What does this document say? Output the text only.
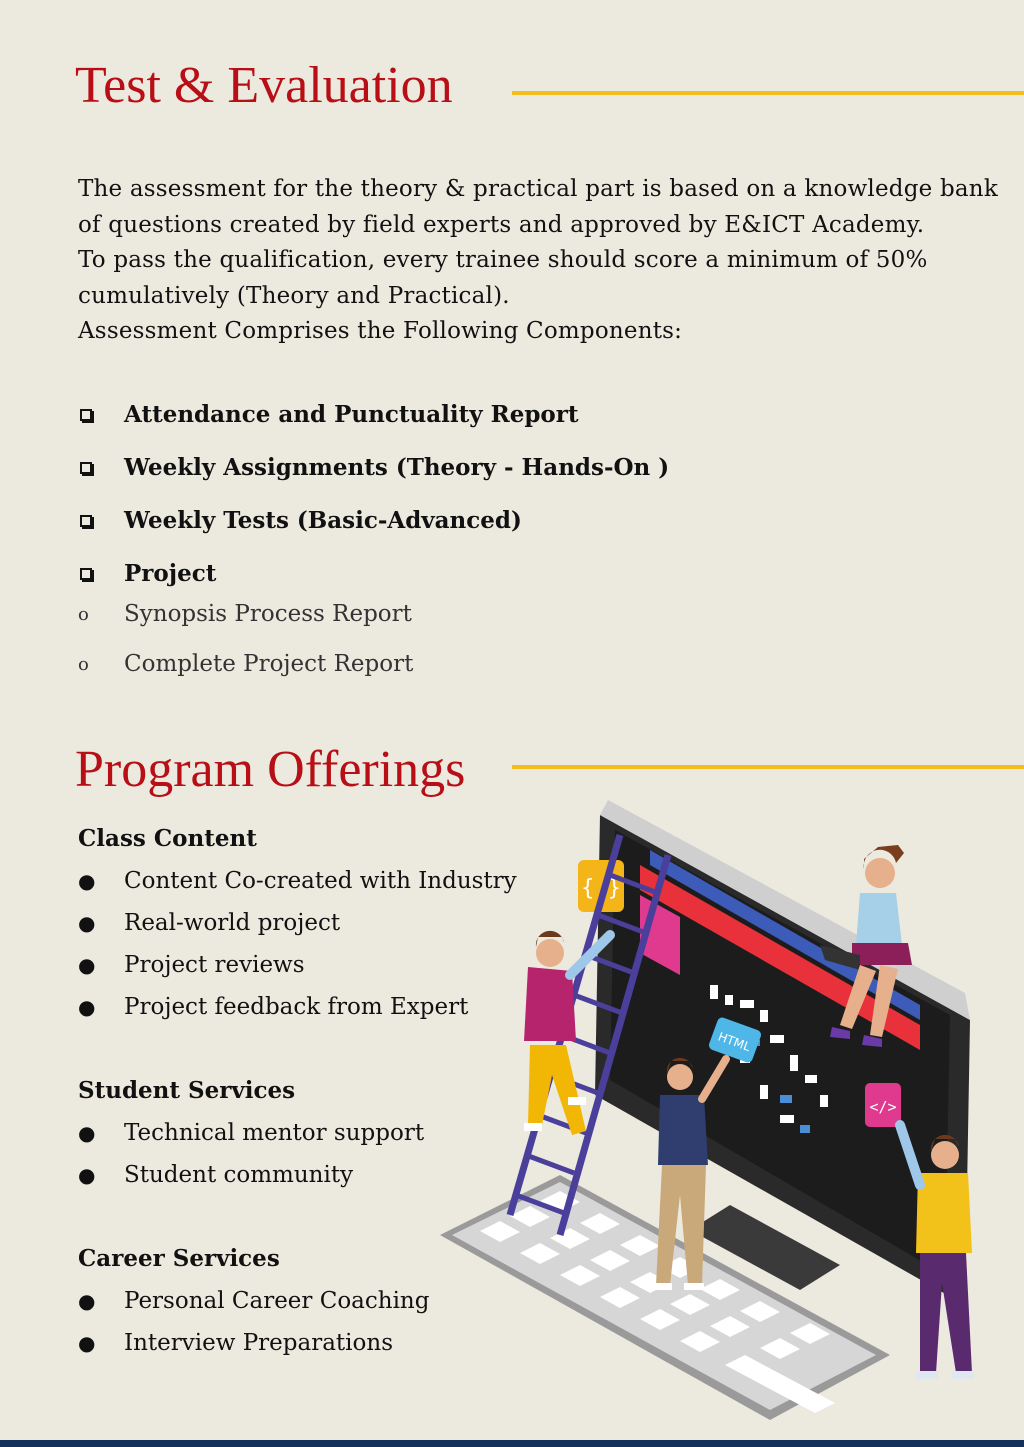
Test & Evaluation

The assessment for the theory & practical part is based on a knowledge bank of questions created by field experts and approved by E&ICT Academy.

To pass the qualification, every trainee should score a minimum of 50% cumulatively (Theory and Practical).

Assessment Comprises the Following Components:

Attendance and Punctuality Report
Weekly Assignments (Theory - Hands-On )
Weekly Tests (Basic-Advanced)
Project
o	Synopsis Process Report
o	Complete Project Report
Program Offerings
Class Content
●	Content Co-created with Industry
●	Real-world project
●	Project reviews
●	Project feedback from Expert
Student Services
●	Technical mentor support
●	Student community
Career Services
●	Personal Career Coaching
●	Interview Preparations
{ }
HTML
</>
